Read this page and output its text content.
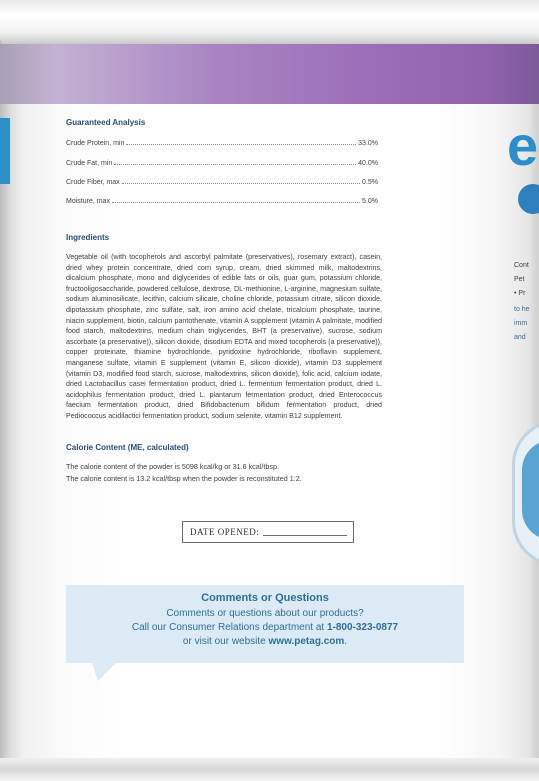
Guaranteed Analysis
Crude Protein, min	33.0%
Crude Fat, min	40.0%
Crude Fiber, max	0.5%
Moisture, max	5.0%
Ingredients
Vegetable oil (with tocopherols and ascorbyl palmitate (preservatives), rosemary extract), casein, dried whey protein concentrate, dried corn syrup, cream, dried skimmed milk, maltodextrins, dicalcium phosphate, mono and diglycerides of edible fats or oils, guar gum, potassium chloride, fructooligosaccharide, powdered cellulose, dextrose, DL-methionine, L-arginine, magnesium sulfate, sodium aluminosilicate, lecithin, calcium silicate, choline chloride, potassium citrate, silicon dioxide, dipotassium phosphate, zinc sulfate, salt, iron amino acid chelate, tricalcium phosphate, taurine, niacin supplement, biotin, calcium pantothenate, vitamin A supplement (vitamin A palmitate, modified food starch, maltodextrins, medium chain triglycerides, BHT (a preservative), sucrose, sodium ascorbate (a preservative)), silicon dioxide, disodium EDTA and mixed tocopherols (a preservative)), copper proteinate, thiamine hydrochloride, pyridoxine hydrochloride, riboflavin supplement, manganese sulfate, vitamin E supplement (vitamin E, silicon dioxide), vitamin D3 supplement (vitamin D3, modified food starch, sucrose, maltodextrins, silicon dioxide), folic acid, calcium iodate, dried Lactobacillus casei fermentation product, dried L. fermentum fermentation product, dried L. acidophilus fermentation product, dried L. plantarum fermentation product, dried Enterococcus faecium fermentation product, dried Bifidobacterium bifidum fermentation product, dried Pediococcus acidilactici fermentation product, sodium selenite, vitamin B12 supplement.
Calorie Content (ME, calculated)
The calorie content of the powder is 5098 kcal/kg or 31.6 kcal/tbsp.
The calorie content is 13.2 kcal/tbsp when the powder is reconstituted 1:2.
DATE OPENED:
Comments or Questions
Comments or questions about our products?
Call our Consumer Relations department at 1-800-323-0877
or visit our website www.petag.com.
e
Cont
Pet
• Pr
to he
imm
and
